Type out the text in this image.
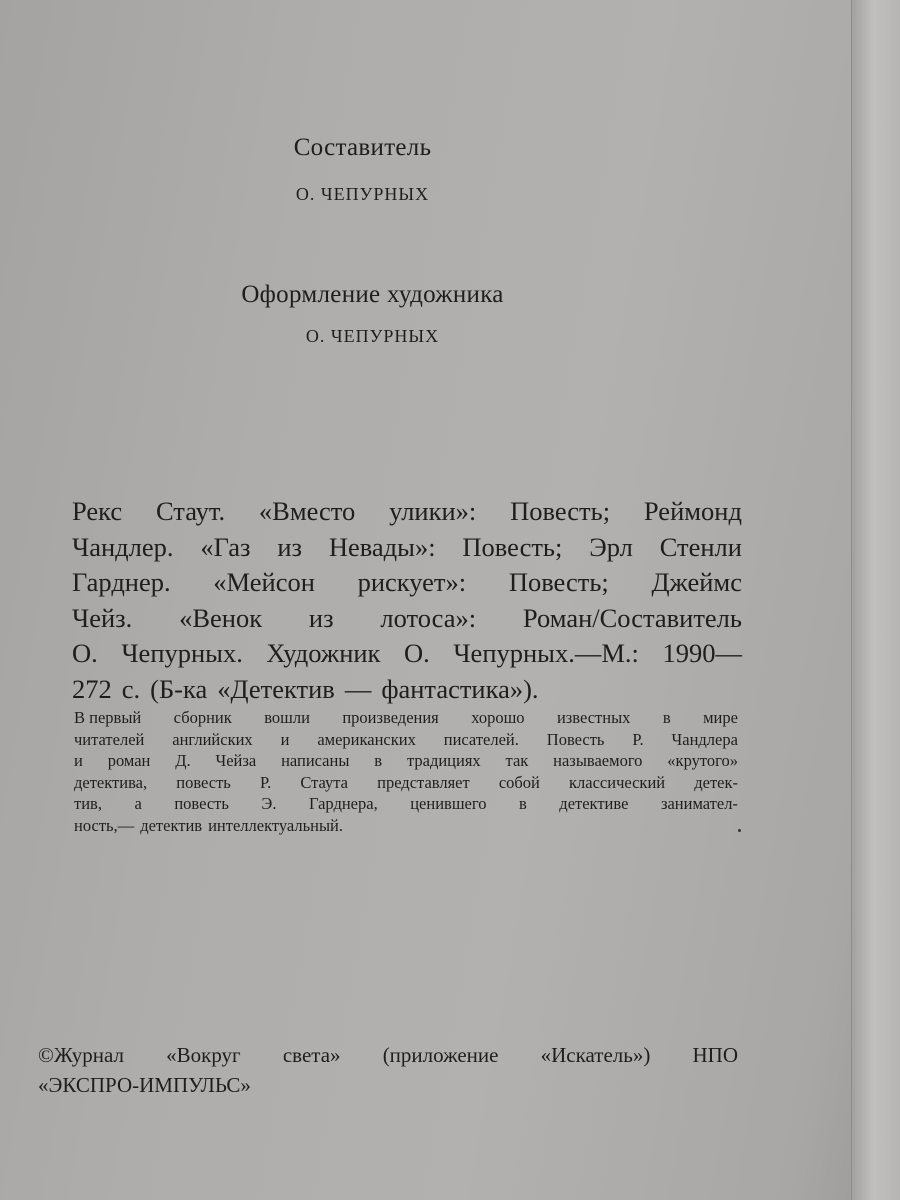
Составитель
О. ЧЕПУРНЫХ
Оформление художника
О. ЧЕПУРНЫХ
Рекс Стаут. «Вместо улики»: Повесть; Реймонд
Чандлер. «Газ из Невады»: Повесть; Эрл Стенли
Гарднер. «Мейсон рискует»: Повесть; Джеймс
Чейз. «Венок из лотоса»: Роман/Составитель
О. Чепурных. Художник О. Чепурных.—М.: 1990—
272 с. (Б-ка «Детектив — фантастика»).
В первый сборник вошли произведения хорошо известных в мире
читателей английских и американских писателей. Повесть Р. Чандлера
и роман Д. Чейза написаны в традициях так называемого «крутого»
детектива, повесть Р. Стаута представляет собой классический детек-
тив, а повесть Э. Гарднера, ценившего в детективе занимател-
ность,— детектив интеллектуальный.
©Журнал «Вокруг света» (приложение «Искатель») НПО
«ЭКСПРО-ИМПУЛЬС»
